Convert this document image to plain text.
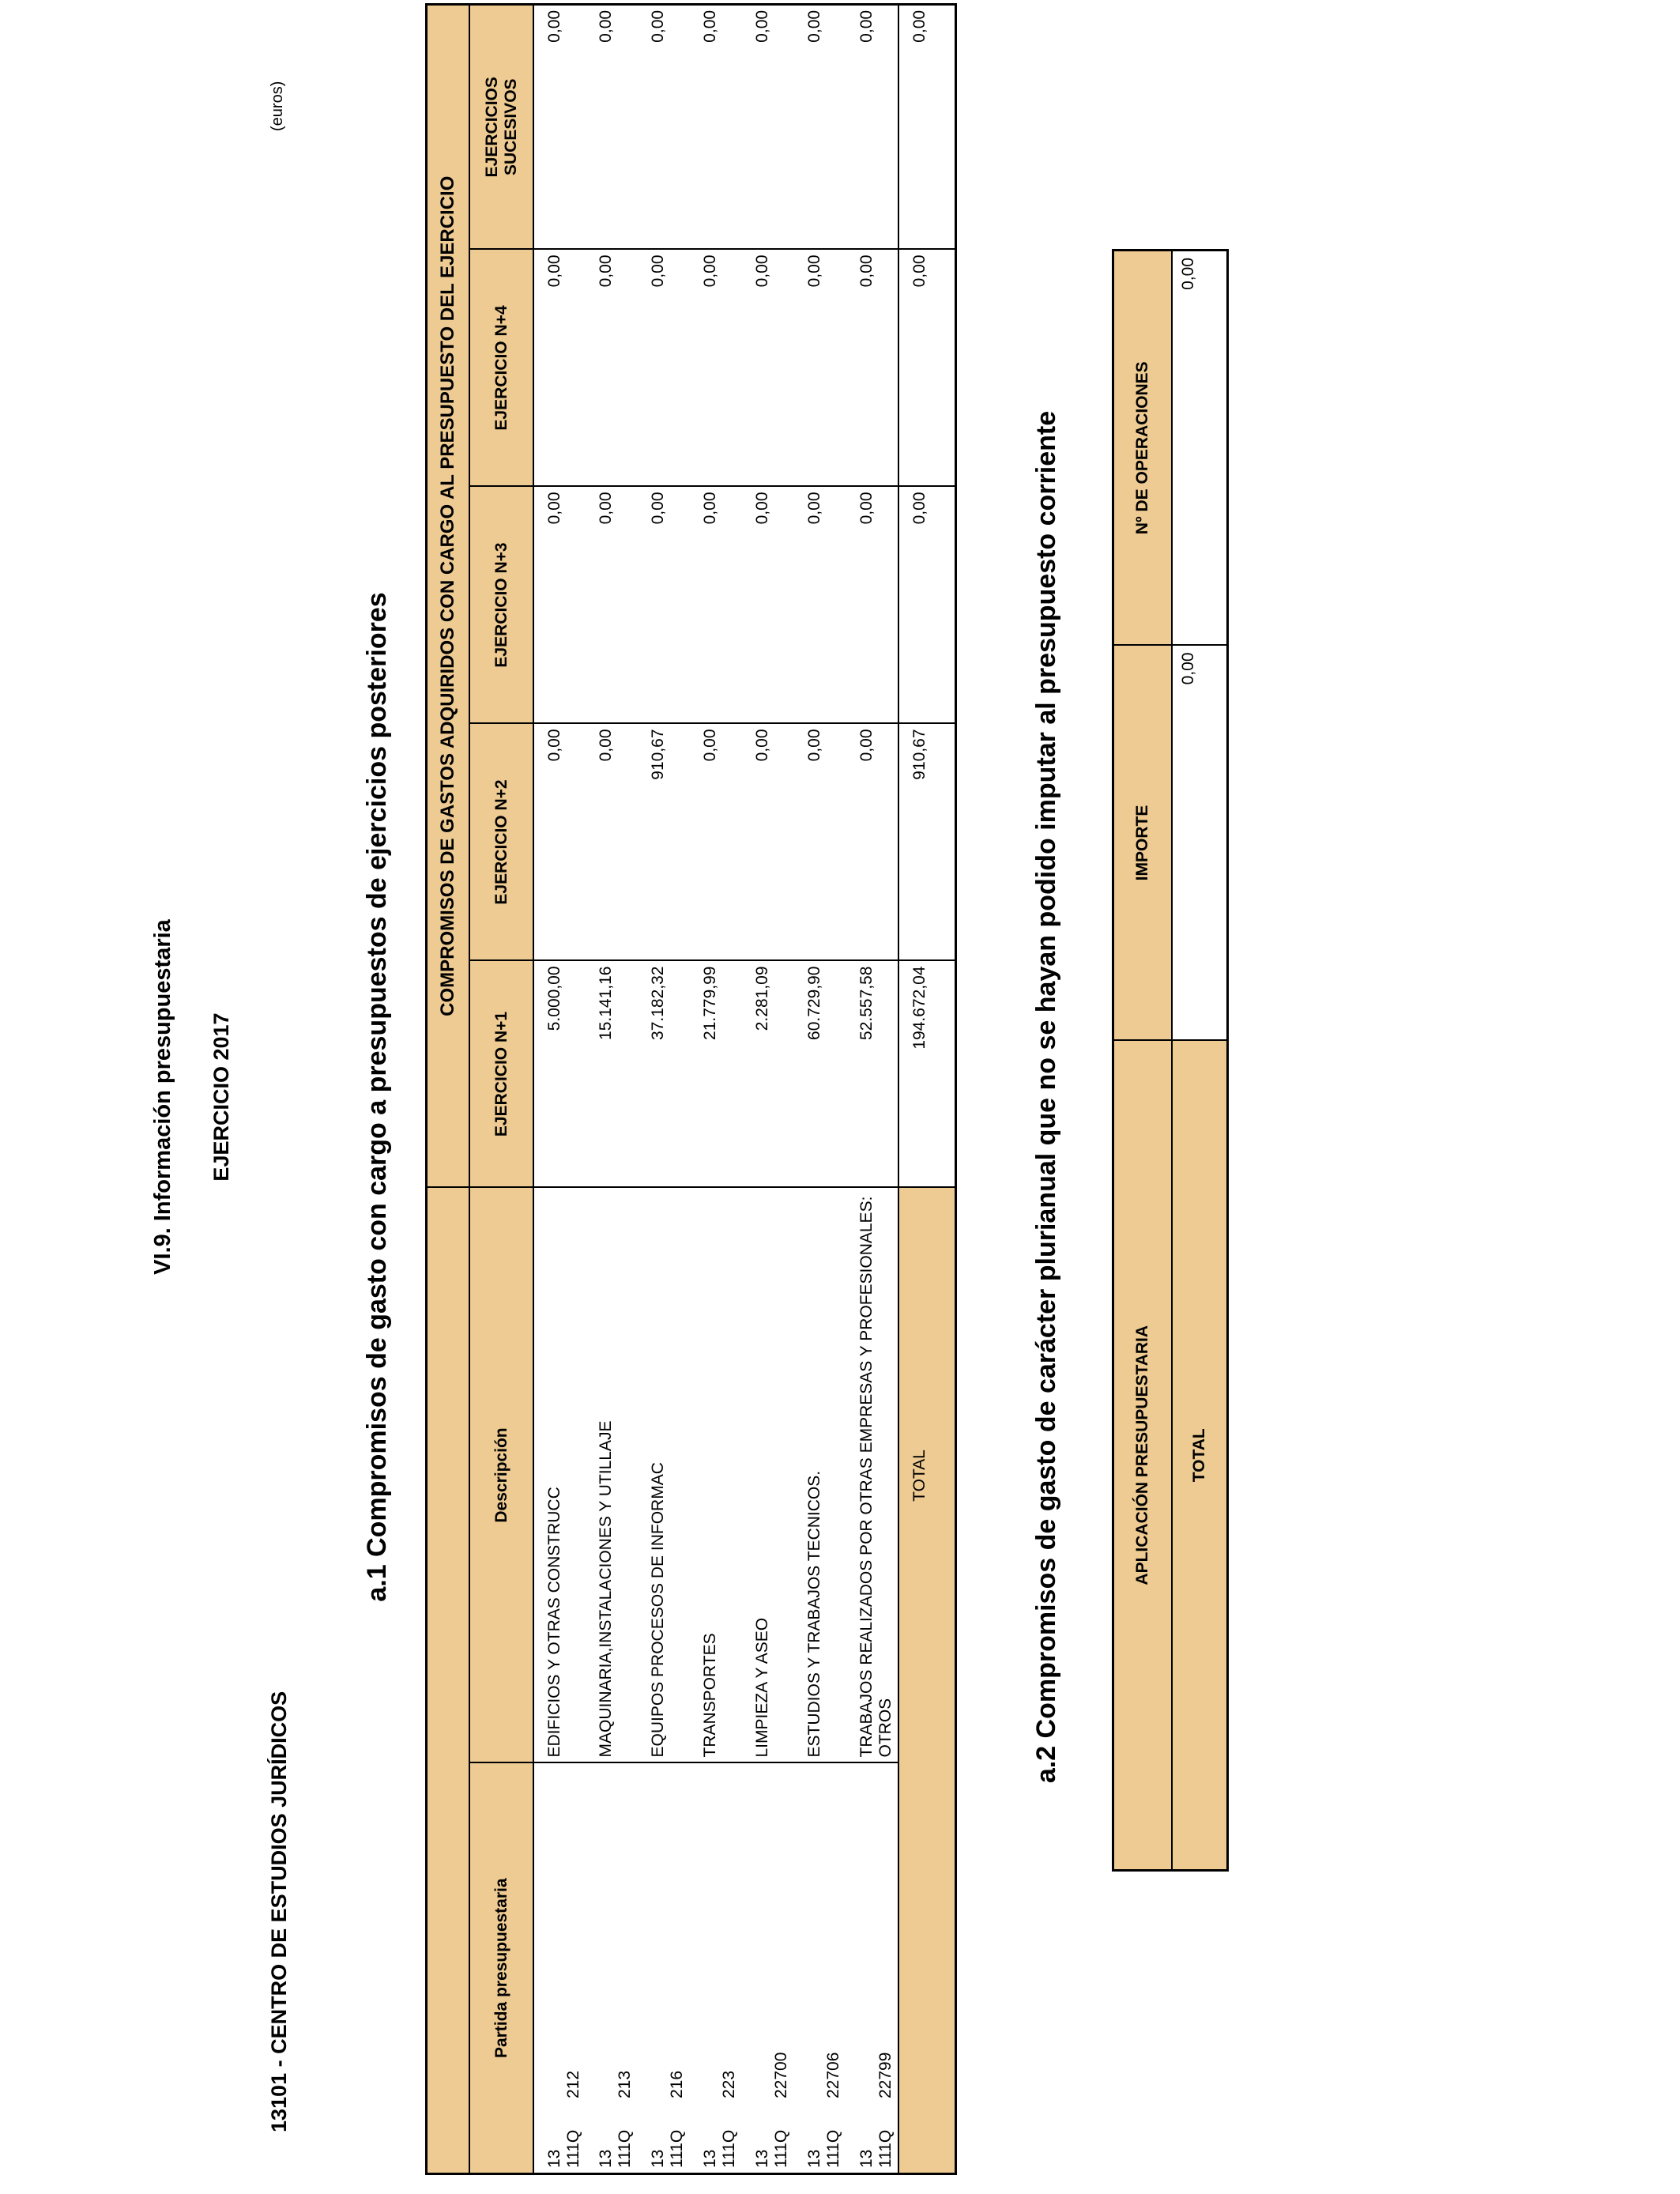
VI.9. Información presupuestaria EJERCICIO 2017
13101 - CENTRO DE ESTUDIOS JURÍDICOS
(euros)
a.1 Compromisos de gasto con cargo a presupuestos de ejercicios posteriores
		COMPROMISOS DE GASTOS ADQUIRIDOS CON CARGO AL PRESUPUESTO DEL EJERCICIO				
Partida presupuestaria	Descripción	EJERCICIO N+1	EJERCICIO N+2	EJERCICIO N+3	EJERCICIO N+4	EJERCICIOS SUCESIVOS
13 111Q212	EDIFICIOS Y OTRAS CONSTRUCC	5.000,00	0,00	0,00	0,00	0,00
13 111Q213	MAQUINARIA,INSTALACIONES Y UTILLAJE	15.141,16	0,00	0,00	0,00	0,00
13 111Q216	EQUIPOS PROCESOS DE INFORMAC	37.182,32	910,67	0,00	0,00	0,00
13 111Q223	TRANSPORTES	21.779,99	0,00	0,00	0,00	0,00
13 111Q22700	LIMPIEZA Y ASEO	2.281,09	0,00	0,00	0,00	0,00
13 111Q22706	ESTUDIOS Y TRABAJOS TECNICOS.	60.729,90	0,00	0,00	0,00	0,00
13 111Q22799	TRABAJOS REALIZADOS POR OTRAS EMPRESAS Y PROFESIONALES: OTROS	52.557,58	0,00	0,00	0,00	0,00
	TOTAL	194.672,04	910,67	0,00	0,00	0,00
a.2 Compromisos de gasto de carácter plurianual que no se hayan podido imputar al presupuesto corriente	APLICACIÓN PRESUPUESTARIA	IMPORTE	Nº DE OPERACIONES
TOTAL	0,00	0,00
